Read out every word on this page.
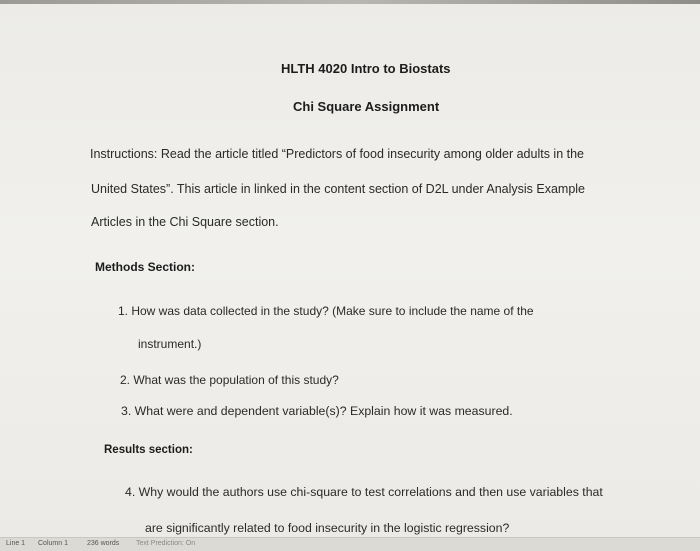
HLTH 4020 Intro to Biostats
Chi Square Assignment
Instructions: Read the article titled “Predictors of food insecurity among older adults in the
United States”. This article in linked in the content section of D2L under Analysis Example
Articles in the Chi Square section.
Methods Section:
1. How was data collected in the study? (Make sure to include the name of the
instrument.)
2. What was the population of this study?
3. What were and dependent variable(s)? Explain how it was measured.
Results section:
4. Why would the authors use chi-square to test correlations and then use variables that
are significantly related to food insecurity in the logistic regression?
Line 1 Column 1	236 words Text Prediction: On
